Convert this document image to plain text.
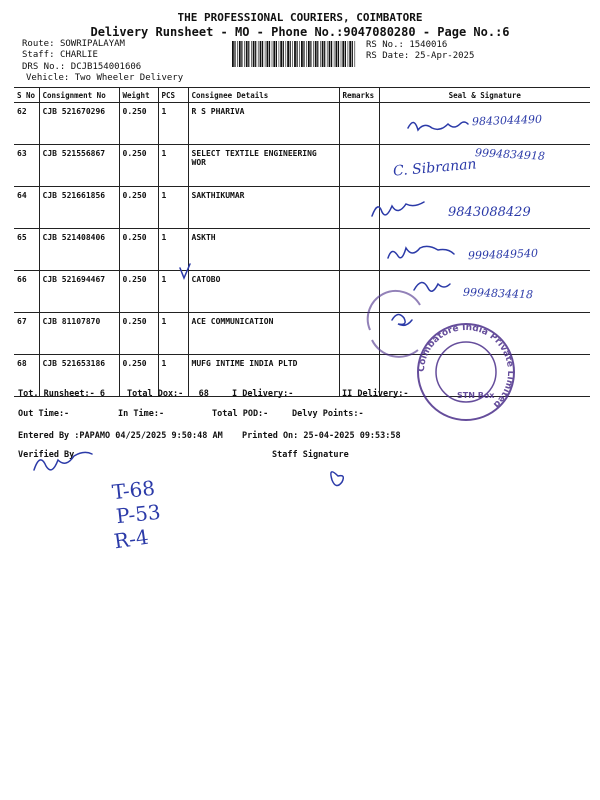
THE PROFESSIONAL COURIERS, COIMBATORE
Delivery Runsheet - MO - Phone No.:9047080280 - Page No.:6
Route: SOWRIPALAYAM
Staff: CHARLIE
DRS No.: DCJB154001606
Vehicle: Two Wheeler Delivery
RS No.: 1540016
RS Date: 25-Apr-2025
S No	Consignment No	Weight	PCS	Consignee Details	Remarks	Seal & Signature
62	CJB 521670296	0.250	1	R S PHARIVA		
63	CJB 521556867	0.250	1	SELECT TEXTILE ENGINEERING WOR		
64	CJB 521661856	0.250	1	SAKTHIKUMAR		
65	CJB 521408406	0.250	1	ASKTH		
66	CJB 521694467	0.250	1	CATOBO		
67	CJB 81107870	0.250	1	ACE COMMUNICATION		
68	CJB 521653186	0.250	1	MUFG INTIME INDIA PLTD		
Tot. Runsheet:- 6	Total Dox:-   68	I Delivery:-	II Delivery:-
Out Time:-	In Time:-	Total POD:-	Delvy Points:-
Entered By :PAPAMO 04/25/2025 9:50:48 AM Printed On: 25-04-2025 09:53:58
Verified By	Staff Signature
9843044490
9994834918
C. Sibranan
9843088429
9994849540
9994834418
T-68
P-53
R-4
Coimbatore India Private Limited
STN Box
